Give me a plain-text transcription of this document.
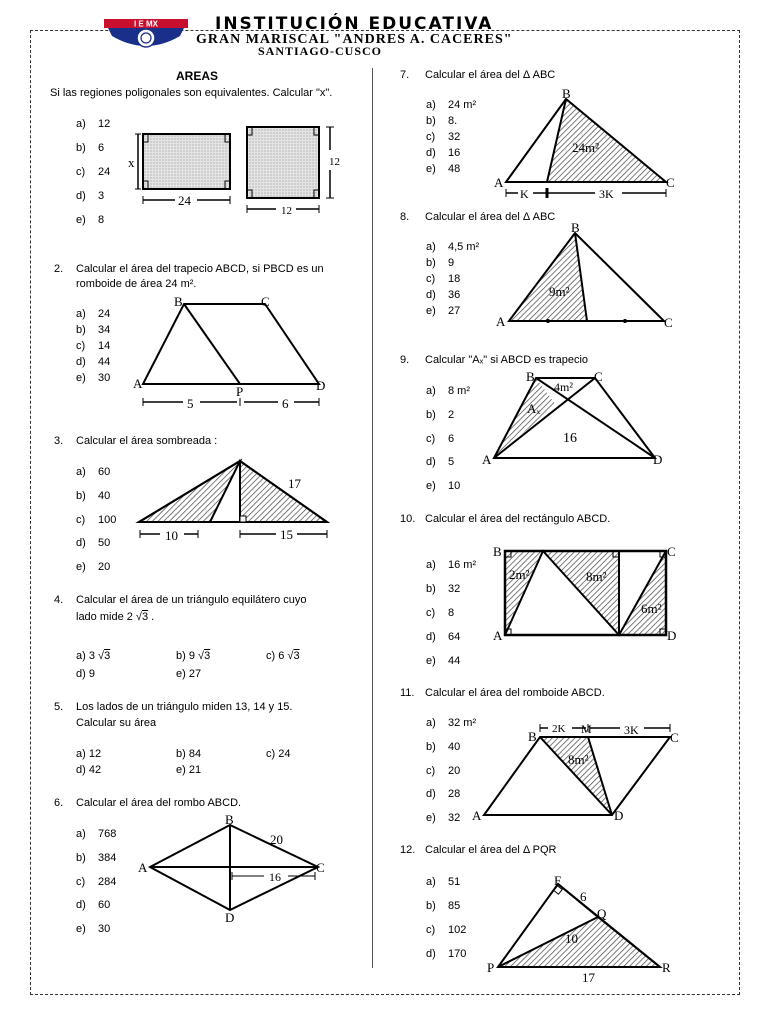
I E MX	INSTITUCIÓN EDUCATIVA
GRAN MARISCAL "ANDRES A. CACERES"
SANTIAGO-CUSCO
AREAS
Si las regiones poligonales son equivalentes. Calcular "x".
a) 12
b) 6
c) 24
d) 3
e) 8
x
24
12
12
2. Calcular el área del trapecio ABCD, si PBCD es un
romboide de área 24 m².
a) 24
b) 34
c) 14
d) 44
e) 30
B	C
A
P	D
5	6
3. Calcular el área sombreada :
a) 60
b) 40
c) 100
d) 50
e) 20
17
10	15
4. Calcular el área de un triángulo equilátero cuyo
lado mide 2 √3 .
a) 3 √3	b) 9 √3	c) 6 √3
d) 9	e) 27
5. Los lados de un triángulo miden 13, 14 y 15.
Calcular su área
a) 12	b) 84	c) 24
d) 42	e) 21
6. Calcular el área del rombo ABCD.
a) 768
b) 384
c) 284
d) 60
e) 30
B
A	C
D
20
16
7. Calcular el área del Δ ABC
a) 24 m²
b) 8.
c) 32
d) 16
e) 48
B
A	C
24m²
K	3K
8. Calcular el área del Δ ABC
a) 4,5 m²
b) 9
c) 18
d) 36
e) 27
B
A	C
9m²
9. Calcular "Aₓ" si ABCD es trapecio
a) 8 m²
b) 2
c) 6
d) 5
e) 10
B	C
A	D
4m²
Aₓ
16
10. Calcular el área del rectángulo ABCD.
a) 16 m²
b) 32
c) 8
d) 64
e) 44
B	C
A	D
2m²	8m²
6m²
11. Calcular el área del romboide ABCD.
a) 32 m²
b) 40
c) 20
d) 28
e) 32
B	M
C
A	D
2K	3K
8m²
12. Calcular el área del Δ PQR
a) 51
b) 85
c) 102
d) 170
F
Q
P	R
6
10
17
